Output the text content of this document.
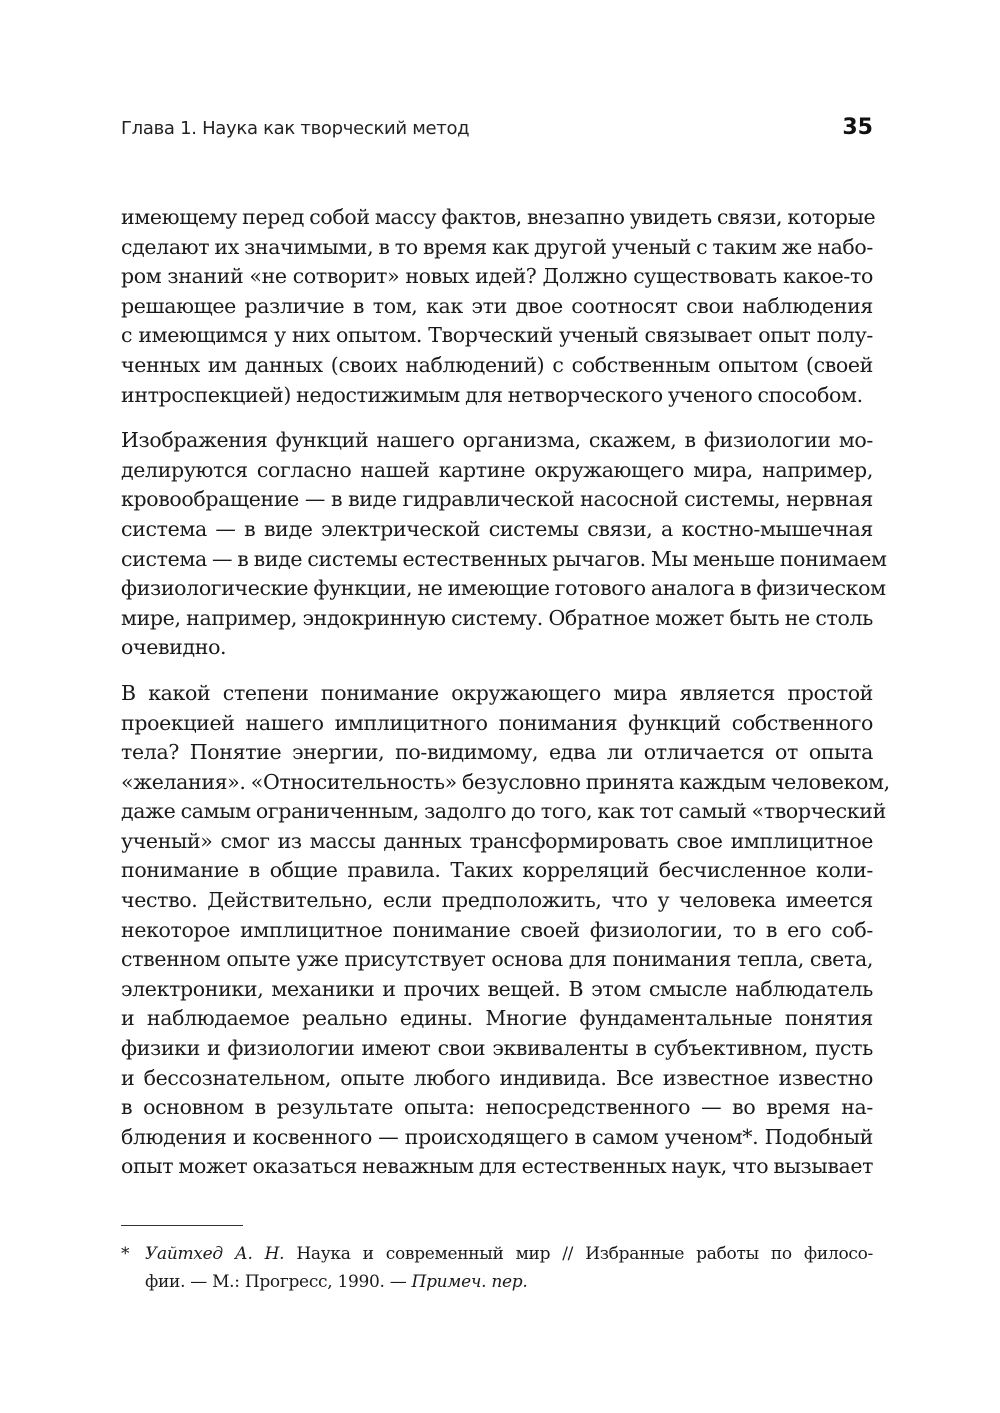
Глава 1. Наука как творческий метод	35
имеющему перед собой массу фактов, внезапно увидеть связи, которые
сделают их значимыми, в то время как другой ученый с таким же набо-
ром знаний «не сотворит» новых идей? Должно существовать какое-то
решающее различие в том, как эти двое соотносят свои наблюдения
с имеющимся у них опытом. Творческий ученый связывает опыт полу-
ченных им данных (своих наблюдений) с собственным опытом (своей
интроспекцией) недостижимым для нетворческого ученого способом.
Изображения функций нашего организма, скажем, в физиологии мо-
делируются согласно нашей картине окружающего мира, например,
кровообращение — в виде гидравлической насосной системы, нервная
система — в виде электрической системы связи, а костно-мышечная
система — в виде системы естественных рычагов. Мы меньше понимаем
физиологические функции, не имеющие готового аналога в физическом
мире, например, эндокринную систему. Обратное может быть не столь
очевидно.
В какой степени понимание окружающего мира является простой
проекцией нашего имплицитного понимания функций собственного
тела? Понятие энергии, по-видимому, едва ли отличается от опыта
«желания». «Относительность» безусловно принята каждым человеком,
даже самым ограниченным, задолго до того, как тот самый «творческий
ученый» смог из массы данных трансформировать свое имплицитное
понимание в общие правила. Таких корреляций бесчисленное коли-
чество. Действительно, если предположить, что у человека имеется
некоторое имплицитное понимание своей физиологии, то в его соб-
ственном опыте уже присутствует основа для понимания тепла, света,
электроники, механики и прочих вещей. В этом смысле наблюдатель
и наблюдаемое реально едины. Многие фундаментальные понятия
физики и физиологии имеют свои эквиваленты в субъективном, пусть
и бессознательном, опыте любого индивида. Все известное известно
в основном в результате опыта: непосредственного — во время на-
блюдения и косвенного — происходящего в самом ученом*. Подобный
опыт может оказаться неважным для естественных наук, что вызывает
* Уайтхед А. Н. Наука и современный мир // Избранные работы по филосо-
фии. — М.: Прогресс, 1990. — Примеч. пер.
